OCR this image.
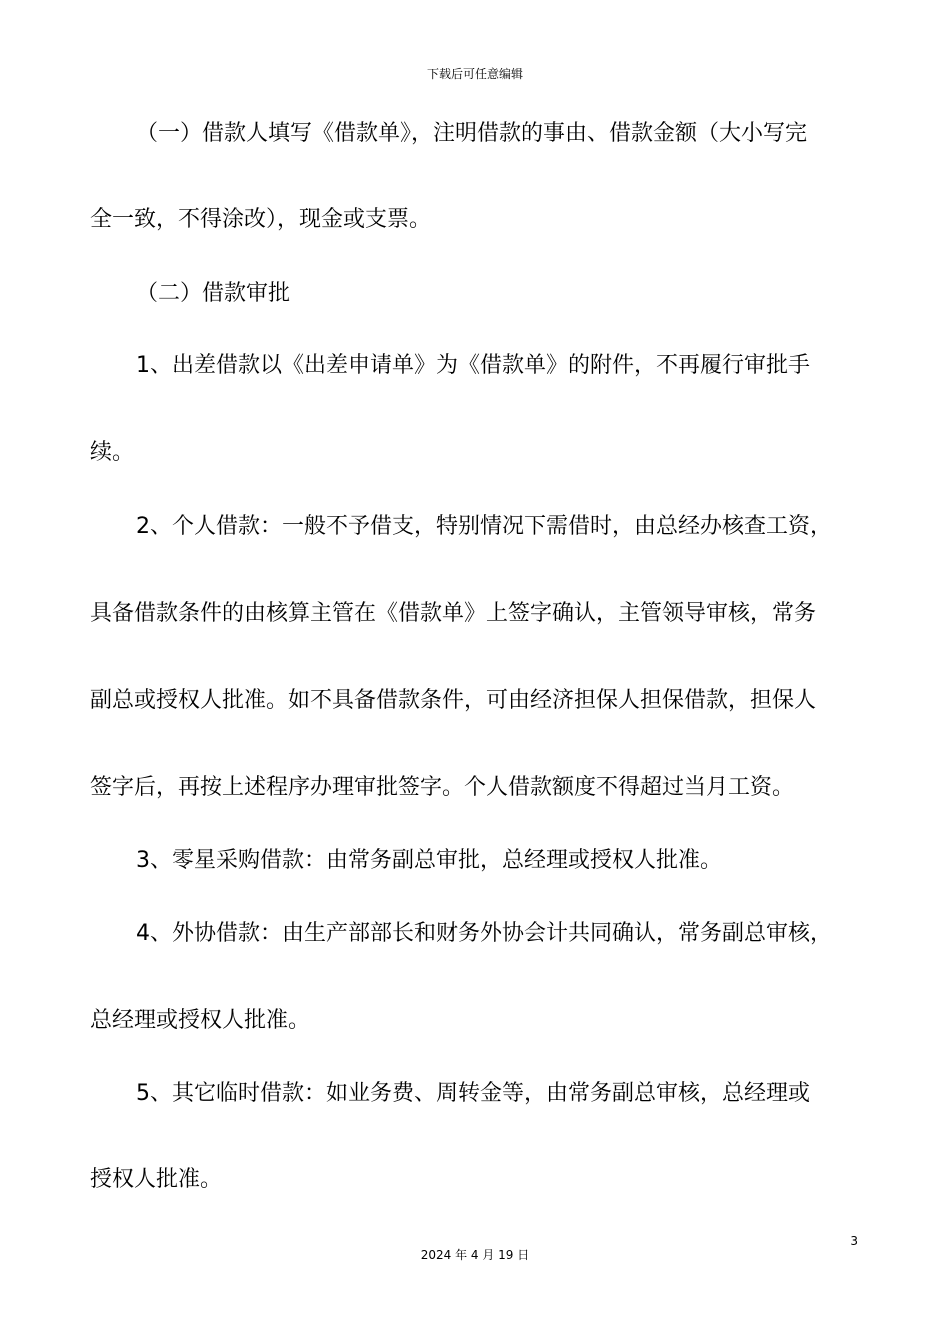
下载后可任意编辑
（一）借款人填写《借款单》，注明借款的事由、借款金额（大小写完
全一致，不得涂改），现金或支票。
（二）借款审批
1、出差借款以《出差申请单》为《借款单》的附件，不再履行审批手
续。
2、个人借款：一般不予借支，特别情况下需借时，由总经办核查工资，
具备借款条件的由核算主管在《借款单》上签字确认，主管领导审核，常务
副总或授权人批准。如不具备借款条件，可由经济担保人担保借款，担保人
签字后，再按上述程序办理审批签字。个人借款额度不得超过当月工资。
3、零星采购借款：由常务副总审批，总经理或授权人批准。
4、外协借款：由生产部部长和财务外协会计共同确认，常务副总审核，
总经理或授权人批准。
5、其它临时借款：如业务费、周转金等，由常务副总审核，总经理或
授权人批准。
3
2024 年 4 月 19 日
